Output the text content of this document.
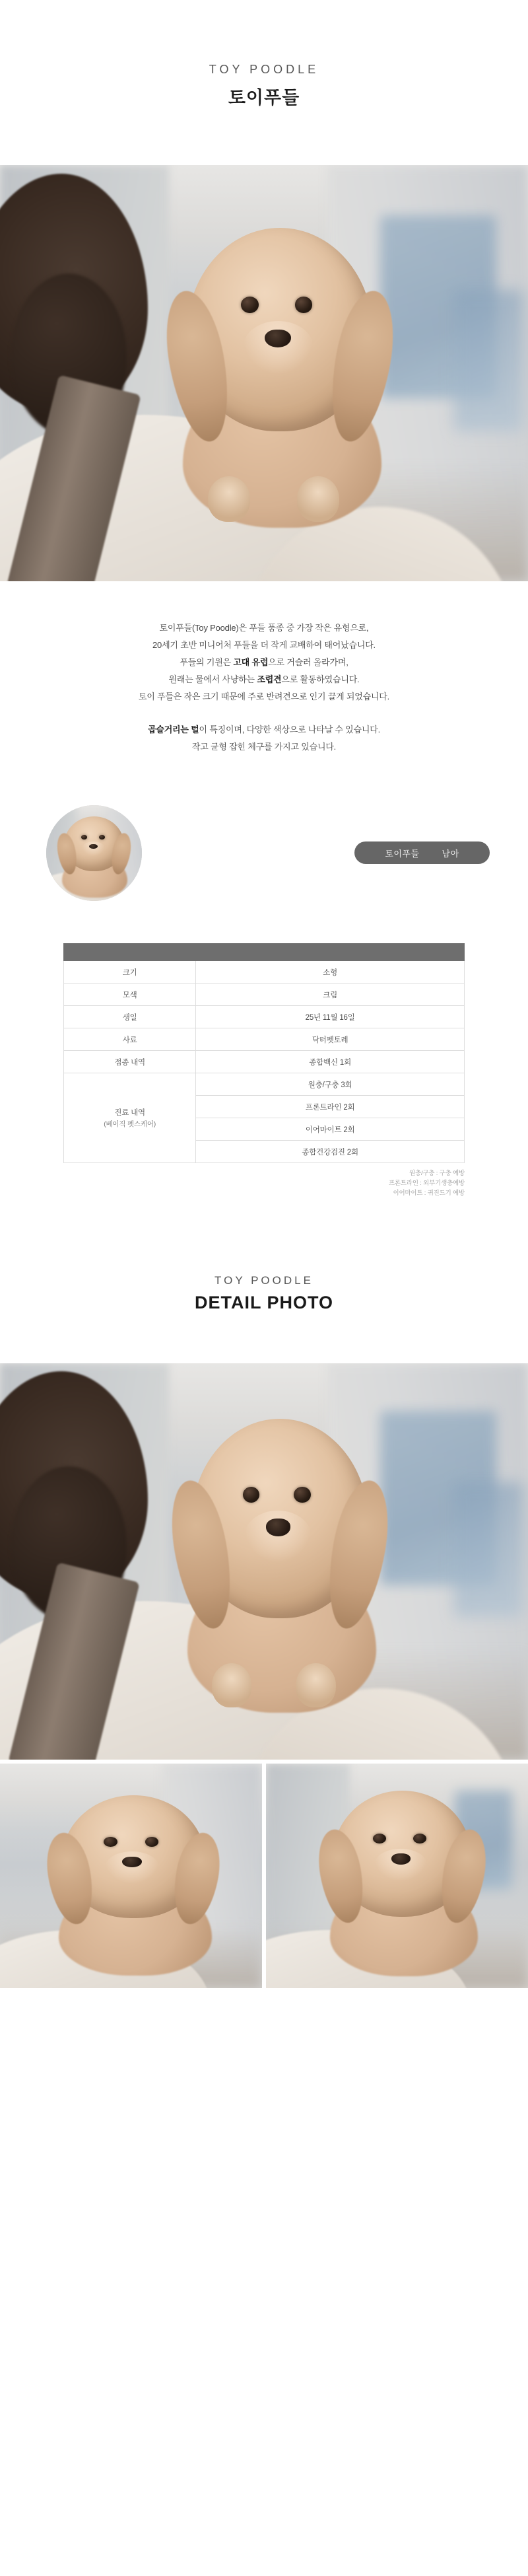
TOY POODLE
토이푸들

토이푸들(Toy Poodle)은 푸들 품종 중 가장 작은 유형으로,

20세기 초반 미니어처 푸들을 더 작게 교배하여 태어났습니다.

푸들의 기원은 고대 유럽으로 거슬러 올라가며,

원래는 물에서 사냥하는 조렵견으로 활동하였습니다.

토이 푸들은 작은 크기 때문에 주로 반려견으로 인기 끌게 되었습니다.

곱슬거리는 털이 특징이며, 다양한 색상으로 나타날 수 있습니다.

작고 균형 잡힌 체구를 가지고 있습니다.

토이푸들	남아

크기	소형
모색	크림
생일	25년 11월 16일
사료	닥터펫토레
접종 내역	종합백신 1회
진료 내역
(베이직 펫스케어)	원충/구충 3회
	프론트라인 2회
	이어마이트 2회
	종합건강검진 2회
원충/구충 : 구충 예방
프론트라인 : 외부기생충예방
이어마이트 : 귀진드기 예방
TOY POODLE
DETAIL PHOTO
